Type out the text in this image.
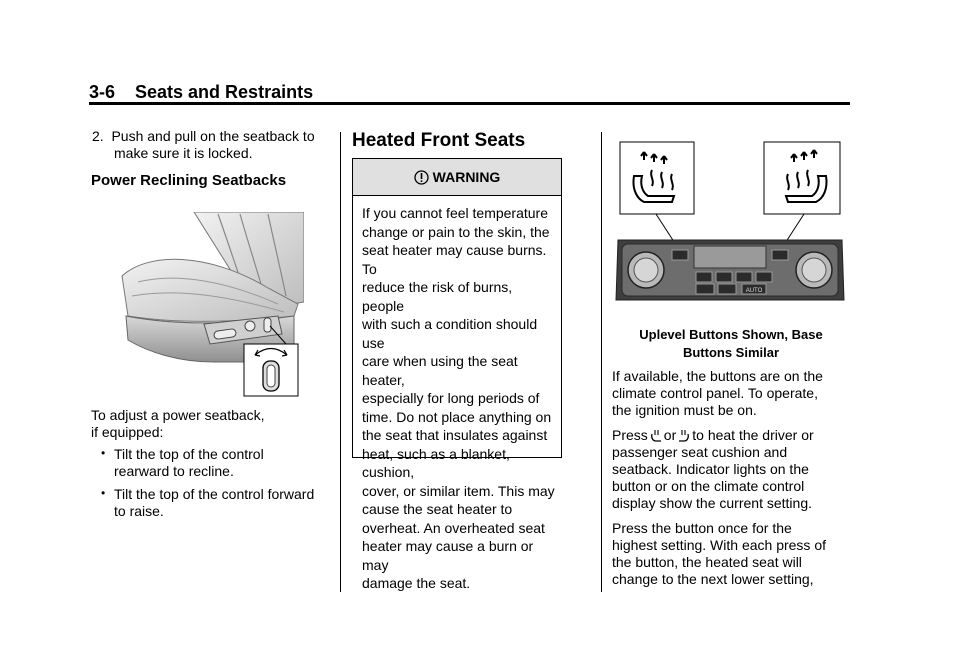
3-6 Seats and Restraints
2.  Push and pull on the seatback to
make sure it is locked.
Power Reclining Seatbacks
To adjust a power seatback,
if equipped:
• Tilt the top of the control
rearward to recline.
• Tilt the top of the control forward
to raise.
Heated Front Seats
WARNING
If you cannot feel temperature
change or pain to the skin, the
seat heater may cause burns. To
reduce the risk of burns, people
with such a condition should use
care when using the seat heater,
especially for long periods of
time. Do not place anything on
the seat that insulates against
heat, such as a blanket, cushion,
cover, or similar item. This may
cause the seat heater to
overheat. An overheated seat
heater may cause a burn or may
damage the seat.
AUTO
Uplevel Buttons Shown, Base
Buttons Similar
If available, the buttons are on the
climate control panel. To operate,
the ignition must be on.
Press or to heat the driver or
passenger seat cushion and
seatback. Indicator lights on the
button or on the climate control
display show the current setting.
Press the button once for the
highest setting. With each press of
the button, the heated seat will
change to the next lower setting,
